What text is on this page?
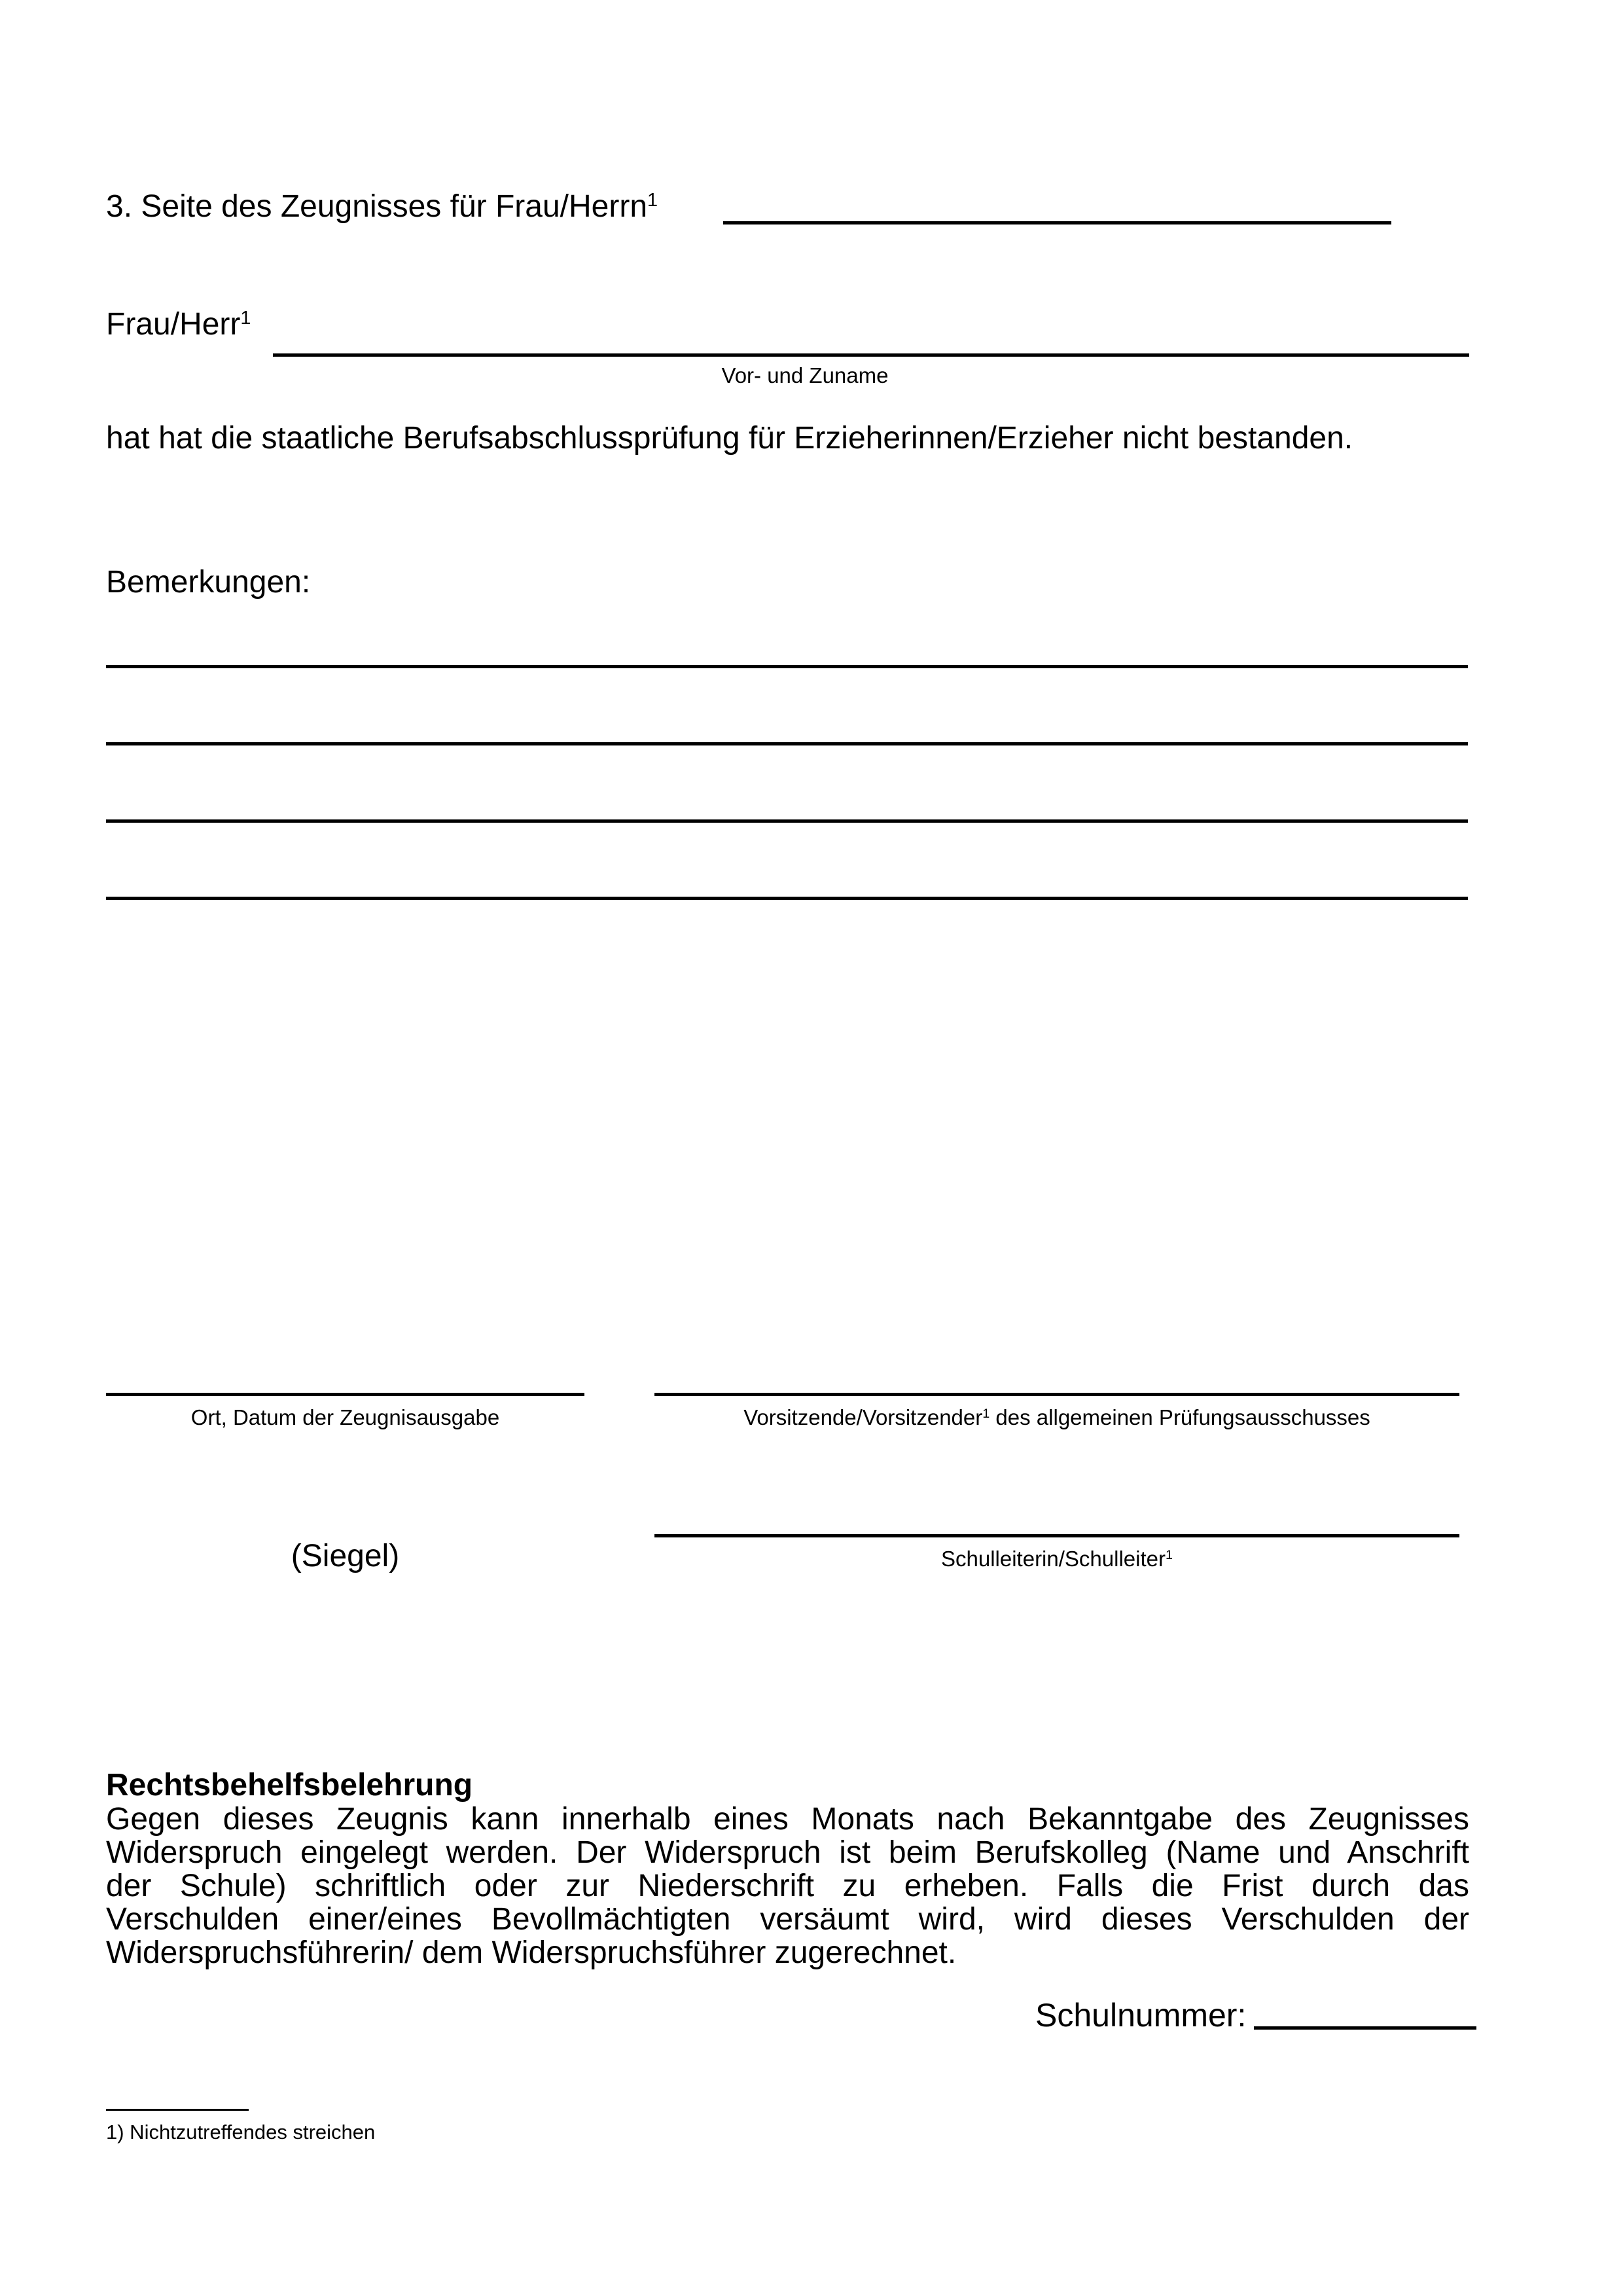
3. Seite des Zeugnisses für Frau/Herrn$^1$
Frau/Herr$^1$
Vor- und Zuname
hat hat die staatliche Berufsabschlussprüfung für Erzieherinnen/Erzieher nicht bestanden.
Bemerkungen:
Ort, Datum der Zeugnisausgabe	Vorsitzende/Vorsitzender$^1$ des allgemeinen Prüfungsausschusses
(Siegel)	Schulleiterin/Schulleiter$^1$
Rechtsbehelfsbelehrung
Gegen dieses Zeugnis kann innerhalb eines Monats nach Bekanntgabe des Zeugnisses
Widerspruch eingelegt werden. Der Widerspruch ist beim Berufskolleg (Name und Anschrift
der Schule) schriftlich oder zur Niederschrift zu erheben. Falls die Frist durch das
Verschulden einer/eines Bevollmächtigten versäumt wird, wird dieses Verschulden der
Widerspruchsführerin/ dem Widerspruchsführer zugerechnet.
Schulnummer:
1) Nichtzutreffendes streichen
